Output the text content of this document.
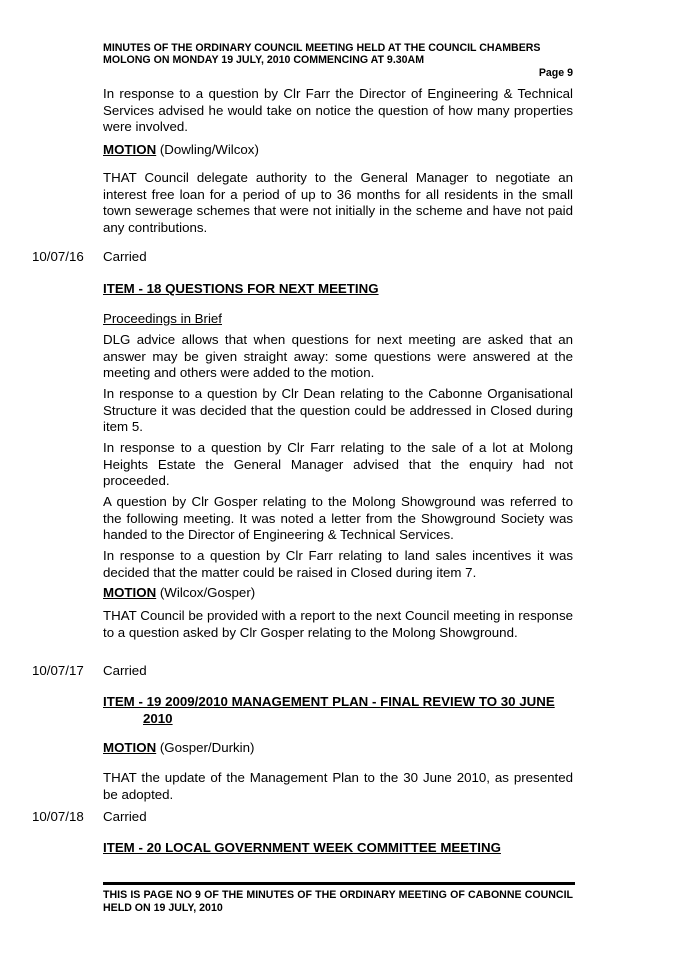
MINUTES OF THE ORDINARY COUNCIL MEETING HELD AT THE COUNCIL CHAMBERS
MOLONG ON MONDAY 19 JULY, 2010 COMMENCING AT 9.30AM
Page 9
In response to a question by Clr Farr the Director of Engineering & Technical Services advised he would take on notice the question of how many properties were involved.
MOTION (Dowling/Wilcox)
THAT Council delegate authority to the General Manager to negotiate an interest free loan for a period of up to 36 months for all residents in the small town sewerage schemes that were not initially in the scheme and have not paid any contributions.
10/07/16 Carried
ITEM - 18 QUESTIONS FOR NEXT MEETING
Proceedings in Brief
DLG advice allows that when questions for next meeting are asked that an answer may be given straight away: some questions were answered at the meeting and others were added to the motion.
In response to a question by Clr Dean relating to the Cabonne Organisational Structure it was decided that the question could be addressed in Closed during item 5.
In response to a question by Clr Farr relating to the sale of a lot at Molong Heights Estate the General Manager advised that the enquiry had not proceeded.
A question by Clr Gosper relating to the Molong Showground was referred to the following meeting. It was noted a letter from the Showground Society was handed to the Director of Engineering & Technical Services.
In response to a question by Clr Farr relating to land sales incentives it was decided that the matter could be raised in Closed during item 7.
MOTION (Wilcox/Gosper)
THAT Council be provided with a report to the next Council meeting in response to a question asked by Clr Gosper relating to the Molong Showground.
10/07/17 Carried
ITEM - 19 2009/2010 MANAGEMENT PLAN - FINAL REVIEW TO 30 JUNE
2010
MOTION (Gosper/Durkin)
THAT the update of the Management Plan to the 30 June 2010, as presented be adopted.
10/07/18 Carried
ITEM - 20 LOCAL GOVERNMENT WEEK COMMITTEE MEETING
THIS IS PAGE NO 9 OF THE MINUTES OF THE ORDINARY MEETING OF CABONNE COUNCIL HELD ON 19 JULY, 2010
